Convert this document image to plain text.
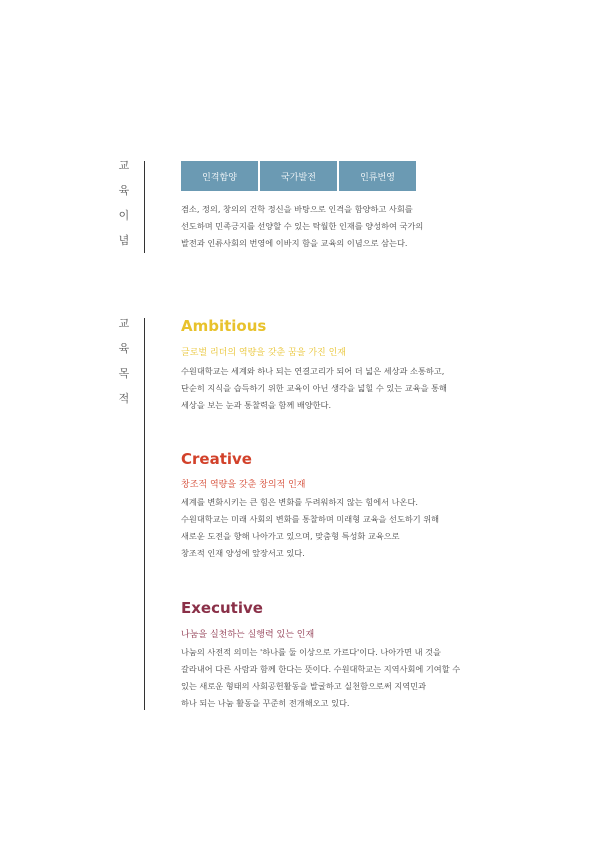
교
육
이
념
인격함양	국가발전	인류번영

겸소, 정의, 창의의 건학 정신을 바탕으로 인격을 함양하고 사회를

선도하며 민족긍지를 선양할 수 있는 탁월한 인재를 양성하여 국가의

발전과 인류사회의 번영에 이바지 함을 교육의 이념으로 삼는다.

교
육
목
적
Ambitious

글로벌 리더의 역량을 갖춘 꿈을 가진 인재

수원대학교는 세계와 하나 되는 연결고리가 되어 더 넓은 세상과 소통하고,

단순히 지식을 습득하기 위한 교육이 아닌 생각을 넓힐 수 있는 교육을 통해

세상을 보는 눈과 통찰력을 함께 배양한다.

Creative

창조적 역량을 갖춘 창의적 인재

세계를 변화시키는 큰 힘은 변화를 두려워하지 않는 힘에서 나온다.

수원대학교는 미래 사회의 변화를 통찰하며 미래형 교육을 선도하기 위해

새로운 도전을 향해 나아가고 있으며, 맞춤형 특성화 교육으로

창조적 인재 양성에 앞장서고 있다.

Executive

나눔을 실천하는 실행력 있는 인재

나눔의 사전적 의미는 '하나를 둘 이상으로 가르다'이다. 나아가면 내 것을

갈라내어 다른 사람과 함께 한다는 뜻이다. 수원대학교는 지역사회에 기여할 수

있는 새로운 형태의 사회공헌활동을 발굴하고 실천함으로써 지역민과

하나 되는 나눔 활동을 꾸준히 전개해오고 있다.
